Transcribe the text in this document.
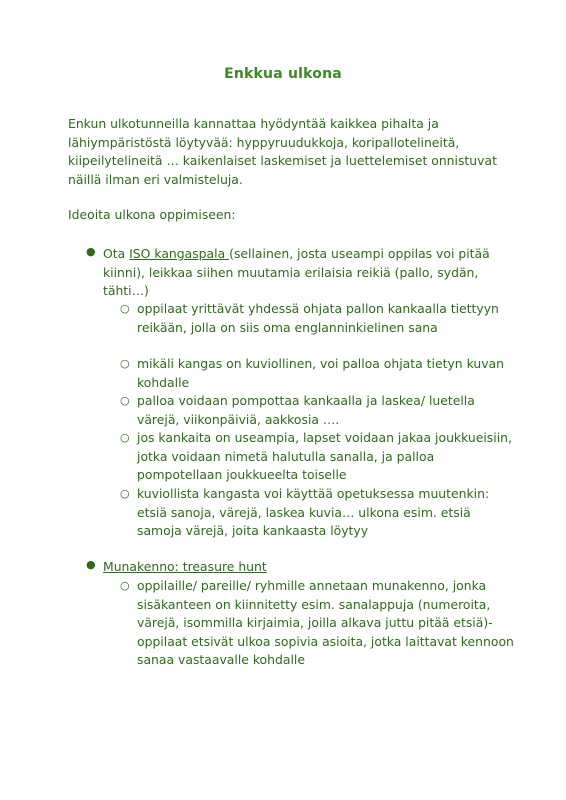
Enkkua ulkona
Enkun ulkotunneilla kannattaa hyödyntää kaikkea pihalta ja lähiympäristöstä löytyvää: hyppyruudukkoja, koripallotelineitä, kiipeilytelineitä … kaikenlaiset laskemiset ja luettelemiset onnistuvat näillä ilman eri valmisteluja.
Ideoita ulkona oppimiseen:
● Ota ISO kangaspala (sellainen, josta useampi oppilas voi pitää kiinni), leikkaa siihen muutamia erilaisia reikiä (pallo, sydän, tähti…)
○ oppilaat yrittävät yhdessä ohjata pallon kankaalla tiettyyn reikään, jolla on siis oma englanninkielinen sana
○ mikäli kangas on kuviollinen, voi palloa ohjata tietyn kuvan kohdalle
○ palloa voidaan pompottaa kankaalla ja laskea/ luetella värejä, viikonpäiviä, aakkosia ….
○ jos kankaita on useampia, lapset voidaan jakaa joukkueisiin, jotka voidaan nimetä halutulla sanalla, ja palloa pompotellaan joukkueelta toiselle
○ kuviollista kangasta voi käyttää opetuksessa muutenkin: etsiä sanoja, värejä, laskea kuvia… ulkona esim. etsiä samoja värejä, joita kankaasta löytyy
● Munakenno: treasure hunt
○ oppilaille/ pareille/ ryhmille annetaan munakenno, jonka sisäkanteen on kiinnitetty esim. sanalappuja (numeroita, värejä, isommilla kirjaimia, joilla alkava juttu pitää etsiä)- oppilaat etsivät ulkoa sopivia asioita, jotka laittavat kennoon sanaa vastaavalle kohdalle
